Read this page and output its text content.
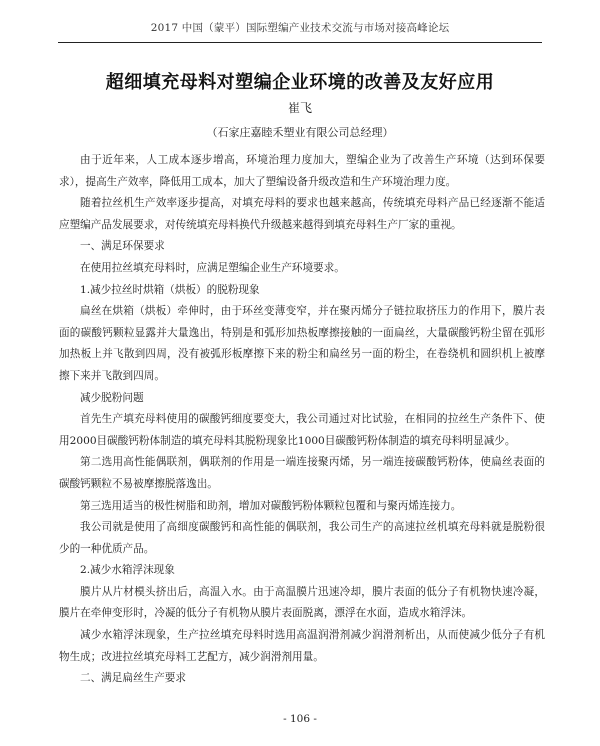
2017 中国（蒙平）国际塑编产业技术交流与市场对接高峰论坛
超细填充母料对塑编企业环境的改善及友好应用
崔飞
（石家庄嘉睦禾塑业有限公司总经理）

由于近年来，人工成本逐步增高，环境治理力度加大，塑编企业为了改善生产环境（达到环保要求），提高生产效率，降低用工成本，加大了塑编设备升级改造和生产环境治理力度。

随着拉丝机生产效率逐步提高，对填充母料的要求也越来越高，传统填充母料产品已经逐渐不能适应塑编产品发展要求，对传统填充母料换代升级越来越得到填充母料生产厂家的重视。

一、满足环保要求

在使用拉丝填充母料时，应满足塑编企业生产环境要求。

1.减少拉丝时烘箱（烘板）的脱粉现象

扁丝在烘箱（烘板）牵伸时，由于环丝变薄变窄，并在聚丙烯分子链拉取挤压力的作用下，膜片表面的碳酸钙颗粒显露并大量逸出，特别是和弧形加热板摩擦接触的一面扁丝，大量碳酸钙粉尘留在弧形加热板上并飞散到四周，没有被弧形板摩擦下来的粉尘和扁丝另一面的粉尘，在卷绕机和圆织机上被摩擦下来并飞散到四周。

减少脱粉问题

首先生产填充母料使用的碳酸钙细度要变大，我公司通过对比试验，在相同的拉丝生产条件下、使用2000目碳酸钙粉体制造的填充母料其脱粉现象比1000目碳酸钙粉体制造的填充母料明显减少。

第二选用高性能偶联剂，偶联剂的作用是一端连接聚丙烯，另一端连接碳酸钙粉体，使扁丝表面的碳酸钙颗粒不易被摩擦脱落逸出。

第三选用适当的极性树脂和助剂，增加对碳酸钙粉体颗粒包覆和与聚丙烯连接力。

我公司就是使用了高细度碳酸钙和高性能的偶联剂，我公司生产的高速拉丝机填充母料就是脱粉很少的一种优质产品。

2.减少水箱浮沫现象

膜片从片材模头挤出后，高温入水。由于高温膜片迅速冷却，膜片表面的低分子有机物快速冷凝，膜片在牵伸变形时，冷凝的低分子有机物从膜片表面脱离，漂浮在水面，造成水箱浮沫。

减少水箱浮沫现象，生产拉丝填充母料时选用高温润滑剂减少润滑剂析出，从而使减少低分子有机物生成；改进拉丝填充母料工艺配方，减少润滑剂用量。

二、满足扁丝生产要求

- 106 -
